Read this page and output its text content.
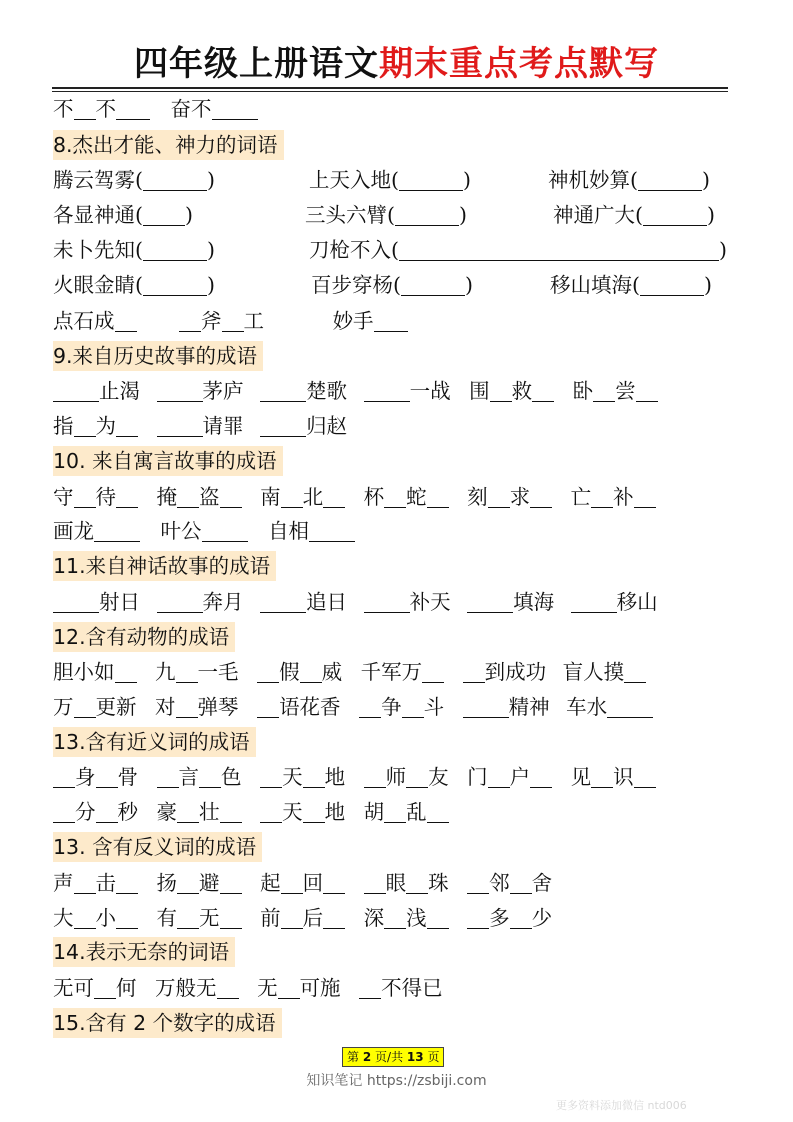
四年级上册语文期末重点考点默写
不 不	奋不
8.杰出才能、神力的词语
腾云驾雾(	)	上天入地(	)	神机妙算(	)
各显神通( )	三头六臂(	)	神通广大(	)
未卜先知(	)	刀枪不入(	)
火眼金睛(	)	百步穿杨(	)	移山填海(	)
点石成	斧 工	妙手
9.来自历史故事的成语
止渴	茅庐	楚歌	一战 围 救 卧 尝
指 为	请罪	归赵
10. 来自寓言故事的成语
守 待 掩 盗 南 北 杯 蛇 刻 求 亡 补
画龙	叶公	自相
11.来自神话故事的成语
射日	奔月	追日	补天	填海	移山
12.含有动物的成语
胆小如 九 一毛 假 威 千军万	到成功 盲人摸
万 更新 对 弹琴 语花香 争 斗	精神 车水
13.含有近义词的成语
身 骨 言 色 天 地 师 友 门 户 见 识
分 秒 豪 壮	天 地 胡 乱
13. 含有反义词的成语
声 击 扬 避 起 回	眼 珠 邻 舍
大 小 有 无 前 后 深 浅	多 少
14.表示无奈的词语
无可 何 万般无 无 可施 不得已
15.含有 2 个数字的成语
第 2 页/共 13 页
知识笔记 https://zsbiji.com
更多资料添加微信 ntd006
